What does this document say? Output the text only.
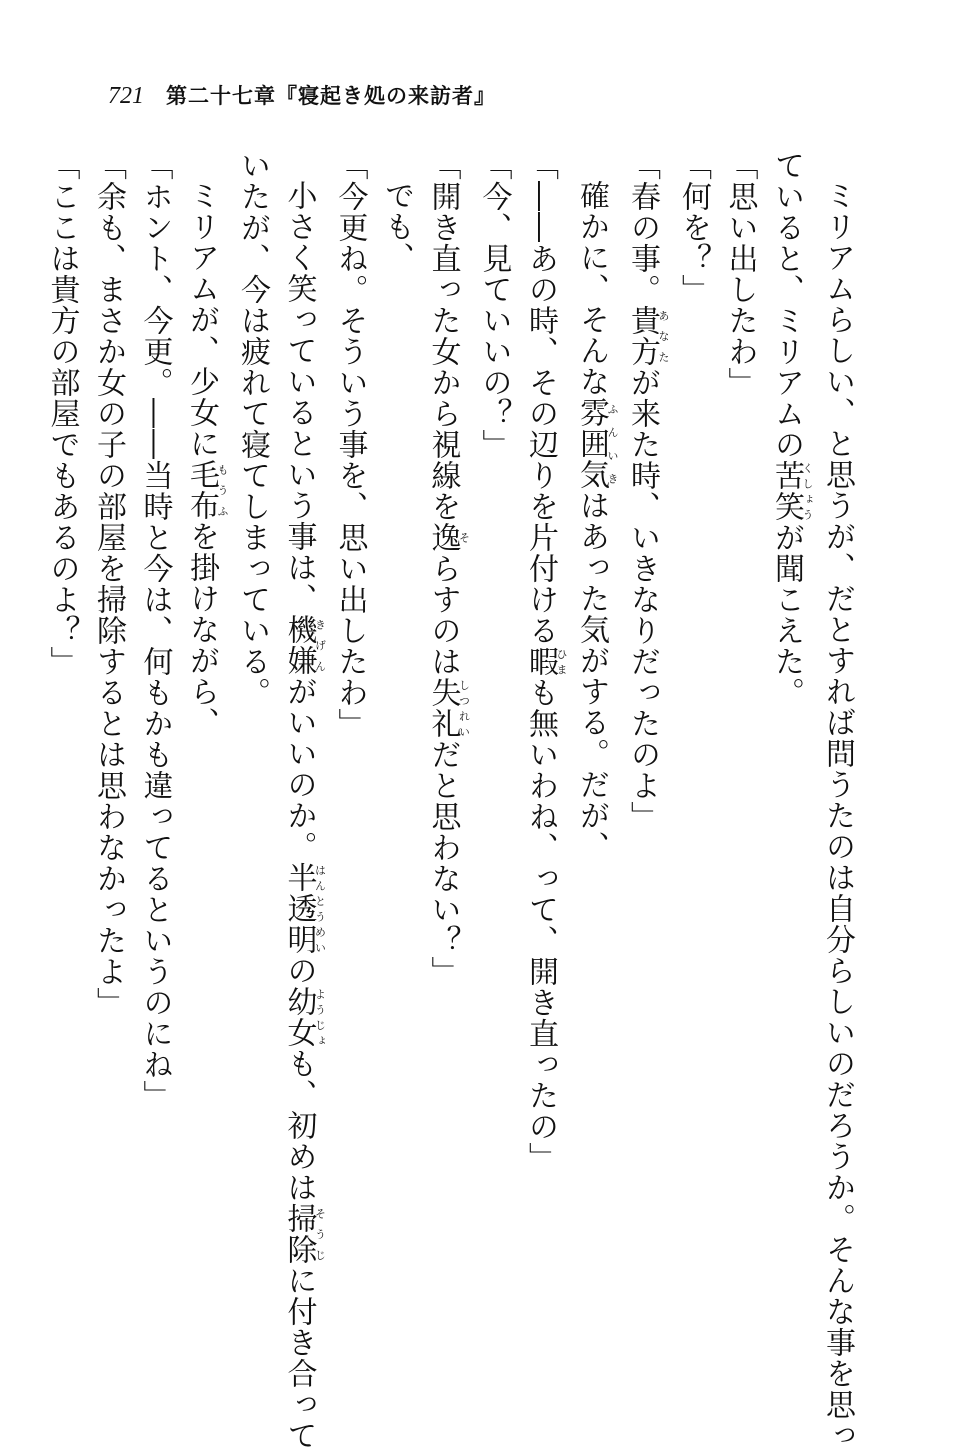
721 第二十七章『寝起き処の来訪者』
ミリアムらしい、と思うが、だとすれば問うたのは自分らしいのだろうか。そんな事を思っ
ていると、ミリアムの苦笑くしょうが聞こえた。
「思い出したわ」
「何を？」
「春の事。貴方あなたが来た時、いきなりだったのよ」
確かに、そんな雰囲気ふんいきはあった気がする。だが、
「――あの時、その辺りを片付ける暇ひまも無いわね、って、開き直ったの」
「今、見ていいの？」
「開き直った女から視線を逸そらすのは失礼しつれいだと思わない？」
でも、
「今更ね。そういう事を、思い出したわ」
小さく笑っているという事は、機嫌きげんがいいのか。半透明はんとうめいの幼女ようじょも、初めは掃除そうじに付き合って
いたが、今は疲れて寝てしまっている。
ミリアムが、少女に毛布もうふを掛けながら、
「ホント、今更。――当時と今は、何もかも違ってるというのにね」
「余も、まさか女の子の部屋を掃除するとは思わなかったよ」
「ここは貴方の部屋でもあるのよ？」
